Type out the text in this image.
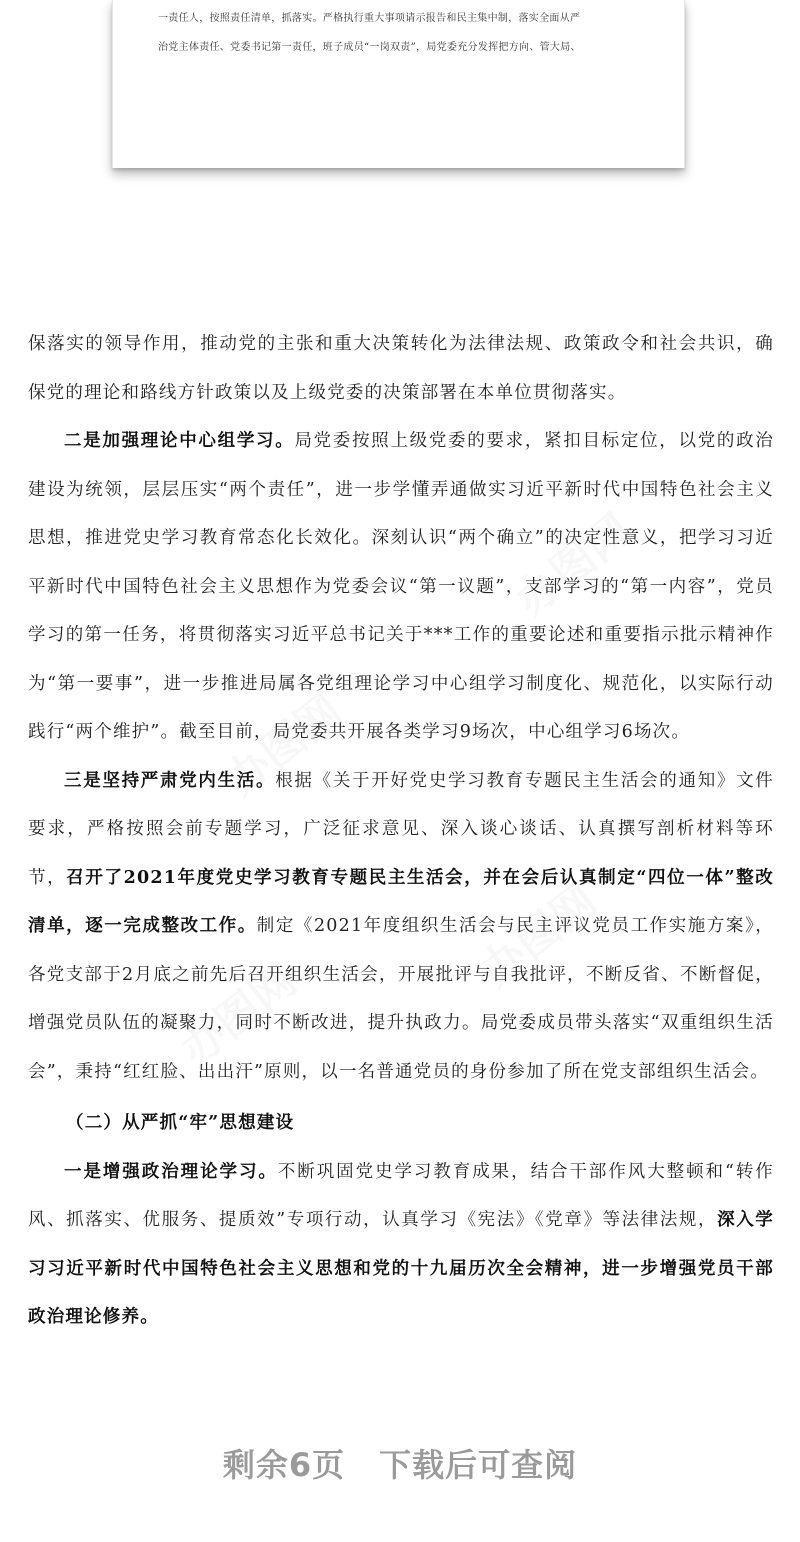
一责任人，按照责任清单，抓落实。严格执行重大事项请示报告和民主集中制，落实全面从严
治党主体责任、党委书记第一责任，班子成员“一岗双责”，局党委充分发挥把方向、管大局、
办图网
办图网
办图网
办图网

保落实的领导作用，推动党的主张和重大决策转化为法律法规、政策政令和社会共识，确保党的理论和路线方针政策以及上级党委的决策部署在本单位贯彻落实。

二是加强理论中心组学习。局党委按照上级党委的要求，紧扣目标定位，以党的政治建设为统领，层层压实“两个责任”，进一步学懂弄通做实习近平新时代中国特色社会主义思想，推进党史学习教育常态化长效化。深刻认识“两个确立”的决定性意义，把学习习近平新时代中国特色社会主义思想作为党委会议“第一议题”，支部学习的“第一内容”，党员学习的第一任务，将贯彻落实习近平总书记关于***工作的重要论述和重要指示批示精神作为“第一要事”，进一步推进局属各党组理论学习中心组学习制度化、规范化，以实际行动践行“两个维护”。截至目前，局党委共开展各类学习9场次，中心组学习6场次。

三是坚持严肃党内生活。根据《关于开好党史学习教育专题民主生活会的通知》文件要求，严格按照会前专题学习，广泛征求意见、深入谈心谈话、认真撰写剖析材料等环节，召开了2021年度党史学习教育专题民主生活会，并在会后认真制定“四位一体”整改清单，逐一完成整改工作。制定《2021年度组织生活会与民主评议党员工作实施方案》，各党支部于2月底之前先后召开组织生活会，开展批评与自我批评，不断反省、不断督促，增强党员队伍的凝聚力，同时不断改进，提升执政力。局党委成员带头落实“双重组织生活会”，秉持“红红脸、出出汗”原则，以一名普通党员的身份参加了所在党支部组织生活会。

（二）从严抓“牢”思想建设

一是增强政治理论学习。不断巩固党史学习教育成果，结合干部作风大整顿和“转作风、抓落实、优服务、提质效”专项行动，认真学习《宪法》《党章》等法律法规，深入学习习近平新时代中国特色社会主义思想和党的十九届历次全会精神，进一步增强党员干部政治理论修养。

剩余6页 下载后可查阅
